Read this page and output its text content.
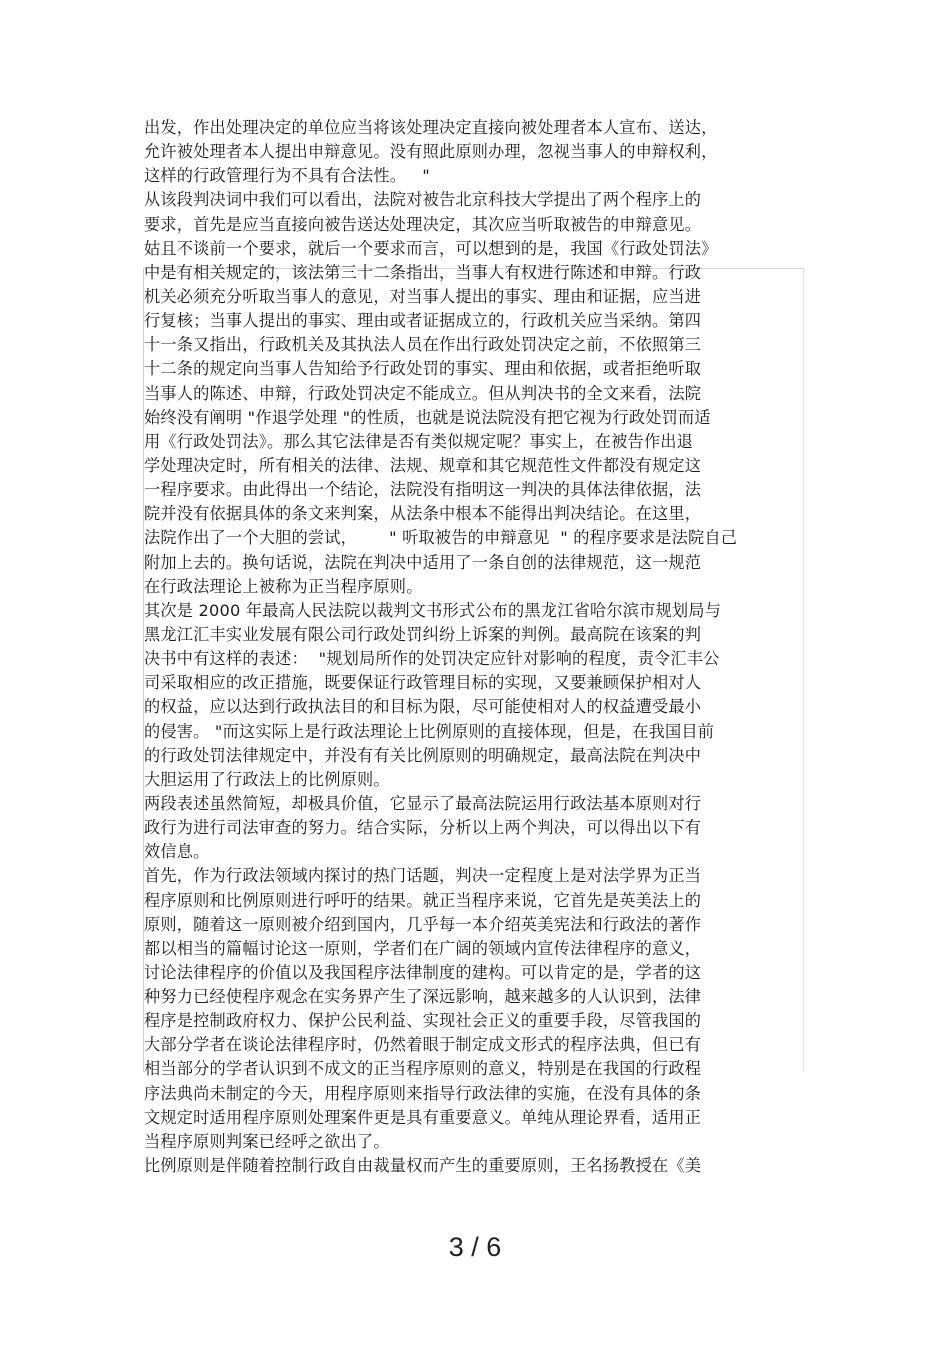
出发，作出处理决定的单位应当将该处理决定直接向被处理者本人宣布、送达，
允许被处理者本人提出申辩意见。没有照此原则办理，忽视当事人的申辩权利，
这样的行政管理行为不具有合法性。   "
从该段判决词中我们可以看出，法院对被告北京科技大学提出了两个程序上的
要求，首先是应当直接向被告送达处理决定，其次应当听取被告的申辩意见。
姑且不谈前一个要求，就后一个要求而言，可以想到的是，我国《行政处罚法》
中是有相关规定的，该法第三十二条指出，当事人有权进行陈述和申辩。行政
机关必须充分听取当事人的意见，对当事人提出的事实、理由和证据，应当进
行复核；当事人提出的事实、理由或者证据成立的，行政机关应当采纳。第四
十一条又指出，行政机关及其执法人员在作出行政处罚决定之前，不依照第三
十二条的规定向当事人告知给予行政处罚的事实、理由和依据，或者拒绝听取
当事人的陈述、申辩，行政处罚决定不能成立。但从判决书的全文来看，法院
始终没有阐明 "作退学处理 "的性质，也就是说法院没有把它视为行政处罚而适
用《行政处罚法》。那么其它法律是否有类似规定呢？事实上，在被告作出退
学处理决定时，所有相关的法律、法规、规章和其它规范性文件都没有规定这
一程序要求。由此得出一个结论，法院没有指明这一判决的具体法律依据，法
院并没有依据具体的条文来判案，从法条中根本不能得出判决结论。在这里，
法院作出了一个大胆的尝试，      " 听取被告的申辩意见  " 的程序要求是法院自己
附加上去的。换句话说，法院在判决中适用了一条自创的法律规范，这一规范
在行政法理论上被称为正当程序原则。
其次是 2000 年最高人民法院以裁判文书形式公布的黑龙江省哈尔滨市规划局与
黑龙江汇丰实业发展有限公司行政处罚纠纷上诉案的判例。最高院在该案的判
决书中有这样的表述：  "规划局所作的处罚决定应针对影响的程度，责令汇丰公
司采取相应的改正措施，既要保证行政管理目标的实现，又要兼顾保护相对人
的权益，应以达到行政执法目的和目标为限，尽可能使相对人的权益遭受最小
的侵害。 "而这实际上是行政法理论上比例原则的直接体现，但是，在我国目前
的行政处罚法律规定中，并没有有关比例原则的明确规定，最高法院在判决中
大胆运用了行政法上的比例原则。
两段表述虽然简短，却极具价值，它显示了最高法院运用行政法基本原则对行
政行为进行司法审查的努力。结合实际，分析以上两个判决，可以得出以下有
效信息。
首先，作为行政法领域内探讨的热门话题，判决一定程度上是对法学界为正当
程序原则和比例原则进行呼吁的结果。就正当程序来说，它首先是英美法上的
原则，随着这一原则被介绍到国内，几乎每一本介绍英美宪法和行政法的著作
都以相当的篇幅讨论这一原则，学者们在广阔的领域内宣传法律程序的意义，
讨论法律程序的价值以及我国程序法律制度的建构。可以肯定的是，学者的这
种努力已经使程序观念在实务界产生了深远影响，越来越多的人认识到，法律
程序是控制政府权力、保护公民利益、实现社会正义的重要手段，尽管我国的
大部分学者在谈论法律程序时，仍然着眼于制定成文形式的程序法典，但已有
相当部分的学者认识到不成文的正当程序原则的意义，特别是在我国的行政程
序法典尚未制定的今天，用程序原则来指导行政法律的实施，在没有具体的条
文规定时适用程序原则处理案件更是具有重要意义。单纯从理论界看，适用正
当程序原则判案已经呼之欲出了。
比例原则是伴随着控制行政自由裁量权而产生的重要原则，王名扬教授在《美
3 / 6
